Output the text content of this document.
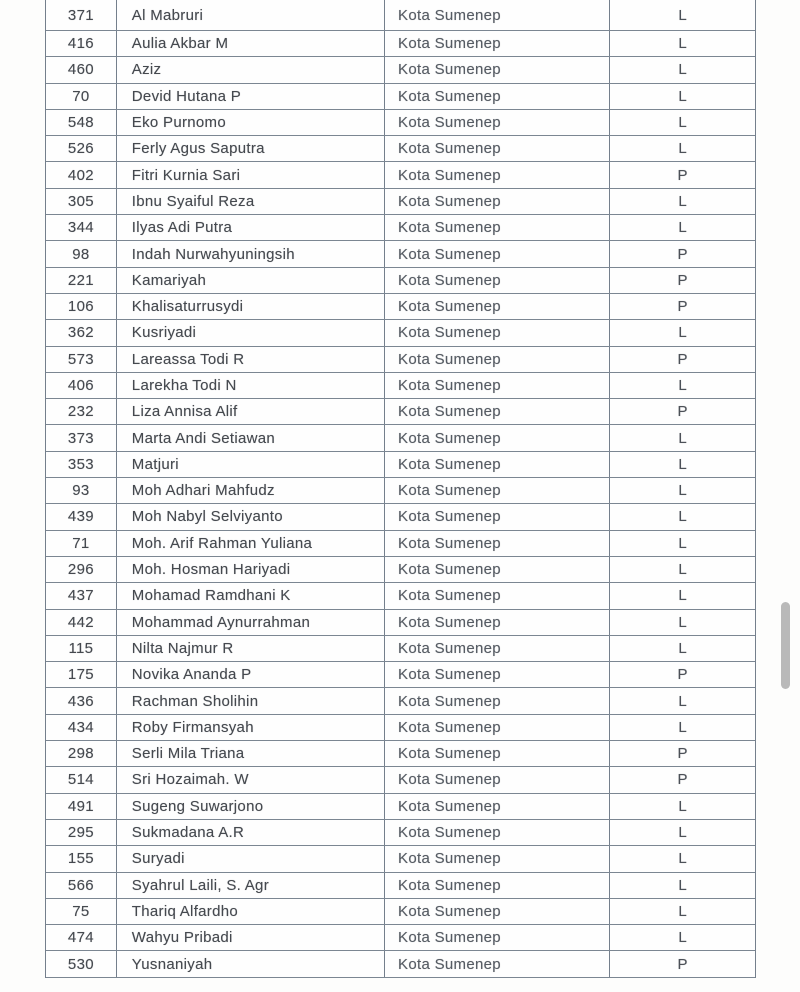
371	Al Mabruri	Kota Sumenep	L
416	Aulia Akbar M	Kota Sumenep	L
460	Aziz	Kota Sumenep	L
70	Devid Hutana P	Kota Sumenep	L
548	Eko Purnomo	Kota Sumenep	L
526	Ferly Agus Saputra	Kota Sumenep	L
402	Fitri Kurnia Sari	Kota Sumenep	P
305	Ibnu Syaiful Reza	Kota Sumenep	L
344	Ilyas Adi Putra	Kota Sumenep	L
98	Indah Nurwahyuningsih	Kota Sumenep	P
221	Kamariyah	Kota Sumenep	P
106	Khalisaturrusydi	Kota Sumenep	P
362	Kusriyadi	Kota Sumenep	L
573	Lareassa Todi R	Kota Sumenep	P
406	Larekha Todi N	Kota Sumenep	L
232	Liza Annisa Alif	Kota Sumenep	P
373	Marta Andi Setiawan	Kota Sumenep	L
353	Matjuri	Kota Sumenep	L
93	Moh Adhari Mahfudz	Kota Sumenep	L
439	Moh Nabyl Selviyanto	Kota Sumenep	L
71	Moh. Arif Rahman Yuliana	Kota Sumenep	L
296	Moh. Hosman Hariyadi	Kota Sumenep	L
437	Mohamad Ramdhani K	Kota Sumenep	L
442	Mohammad Aynurrahman	Kota Sumenep	L
115	Nilta Najmur R	Kota Sumenep	L
175	Novika Ananda P	Kota Sumenep	P
436	Rachman Sholihin	Kota Sumenep	L
434	Roby Firmansyah	Kota Sumenep	L
298	Serli Mila Triana	Kota Sumenep	P
514	Sri Hozaimah. W	Kota Sumenep	P
491	Sugeng Suwarjono	Kota Sumenep	L
295	Sukmadana A.R	Kota Sumenep	L
155	Suryadi	Kota Sumenep	L
566	Syahrul Laili, S. Agr	Kota Sumenep	L
75	Thariq Alfardho	Kota Sumenep	L
474	Wahyu Pribadi	Kota Sumenep	L
530	Yusnaniyah	Kota Sumenep	P
